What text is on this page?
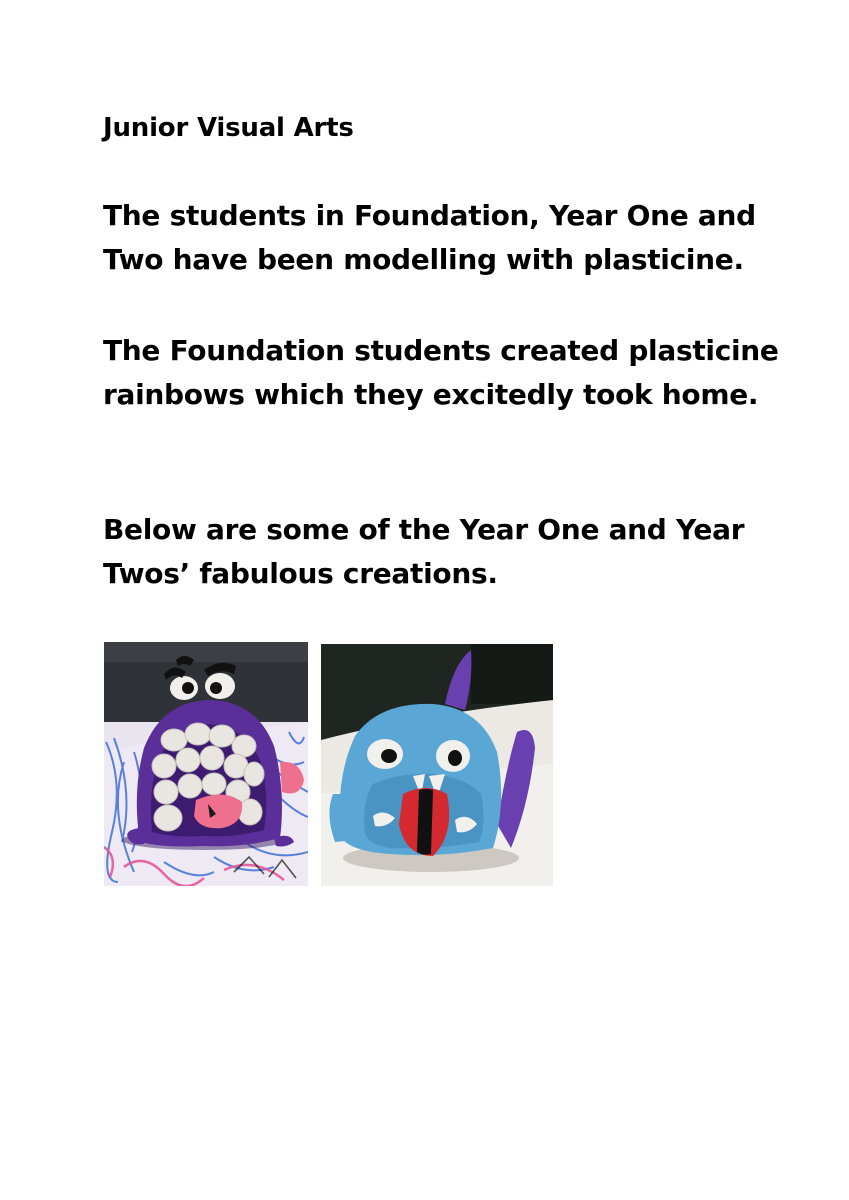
Junior Visual Arts

The students in Foundation, Year One and Two have been modelling with plasticine.

The Foundation students created plasticine rainbows which they excitedly took home.

Below are some of the Year One and Year Twos’ fabulous creations.
